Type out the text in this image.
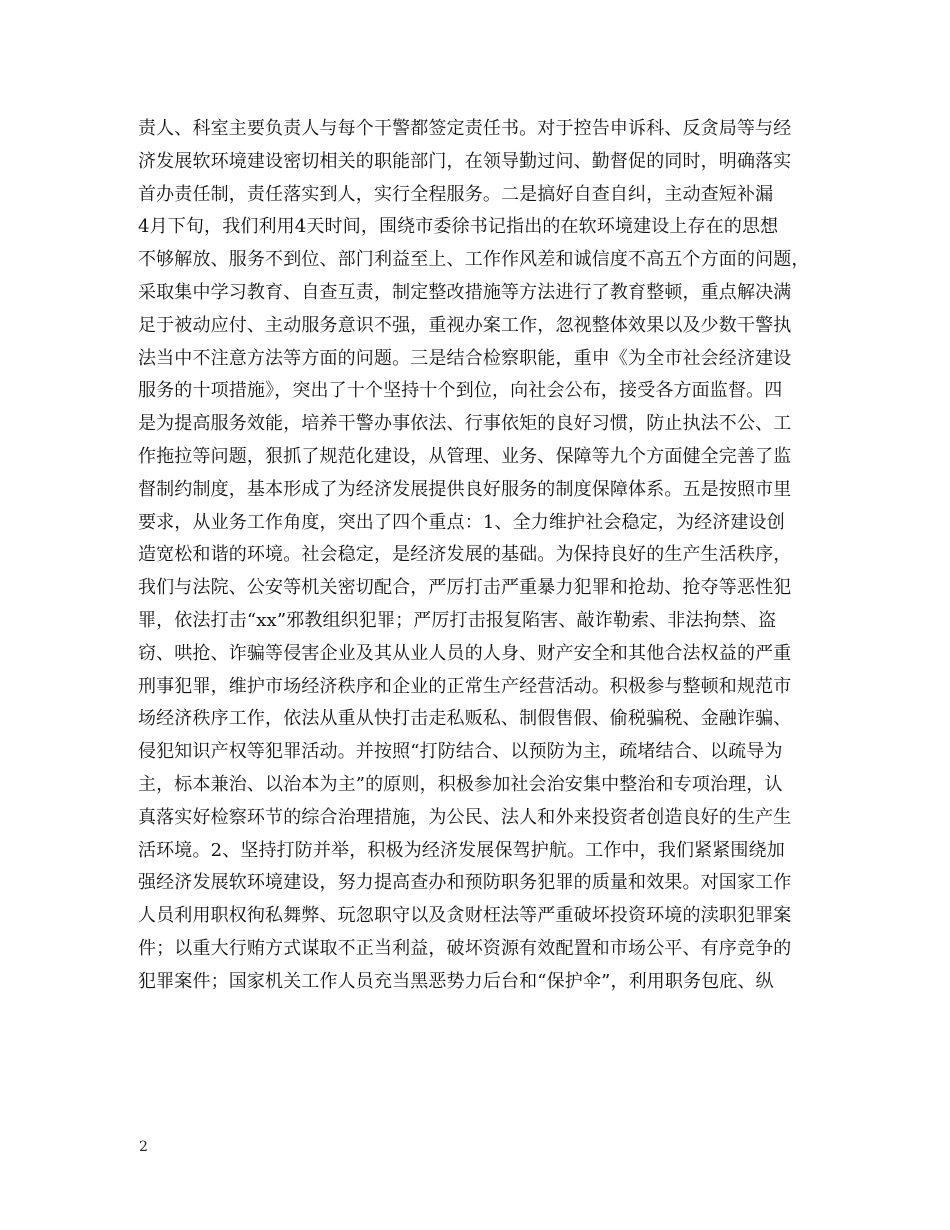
责人、科室主要负责人与每个干警都签定责任书。对于控告申诉科、反贪局等与经
济发展软环境建设密切相关的职能部门，在领导勤过问、勤督促的同时，明确落实
首办责任制，责任落实到人，实行全程服务。二是搞好自查自纠，主动查短补漏
4月下旬，我们利用4天时间，围绕市委徐书记指出的在软环境建设上存在的思想
不够解放、服务不到位、部门利益至上、工作作风差和诚信度不高五个方面的问题，
采取集中学习教育、自查互责，制定整改措施等方法进行了教育整顿，重点解决满
足于被动应付、主动服务意识不强，重视办案工作，忽视整体效果以及少数干警执
法当中不注意方法等方面的问题。三是结合检察职能，重申《为全市社会经济建设
服务的十项措施》，突出了十个坚持十个到位，向社会公布，接受各方面监督。四
是为提高服务效能，培养干警办事依法、行事依矩的良好习惯，防止执法不公、工
作拖拉等问题，狠抓了规范化建设，从管理、业务、保障等九个方面健全完善了监
督制约制度，基本形成了为经济发展提供良好服务的制度保障体系。五是按照市里
要求，从业务工作角度，突出了四个重点：1、全力维护社会稳定，为经济建设创
造宽松和谐的环境。社会稳定，是经济发展的基础。为保持良好的生产生活秩序，
我们与法院、公安等机关密切配合，严厉打击严重暴力犯罪和抢劫、抢夺等恶性犯
罪，依法打击“xx”邪教组织犯罪；严厉打击报复陷害、敲诈勒索、非法拘禁、盗
窃、哄抢、诈骗等侵害企业及其从业人员的人身、财产安全和其他合法权益的严重
刑事犯罪，维护市场经济秩序和企业的正常生产经营活动。积极参与整顿和规范市
场经济秩序工作，依法从重从快打击走私贩私、制假售假、偷税骗税、金融诈骗、
侵犯知识产权等犯罪活动。并按照“打防结合、以预防为主，疏堵结合、以疏导为
主，标本兼治、以治本为主”的原则，积极参加社会治安集中整治和专项治理，认
真落实好检察环节的综合治理措施，为公民、法人和外来投资者创造良好的生产生
活环境。2、坚持打防并举，积极为经济发展保驾护航。工作中，我们紧紧围绕加
强经济发展软环境建设，努力提高查办和预防职务犯罪的质量和效果。对国家工作
人员利用职权徇私舞弊、玩忽职守以及贪财枉法等严重破坏投资环境的渎职犯罪案
件；以重大行贿方式谋取不正当利益，破坏资源有效配置和市场公平、有序竞争的
犯罪案件；国家机关工作人员充当黑恶势力后台和“保护伞”，利用职务包庇、纵
2
